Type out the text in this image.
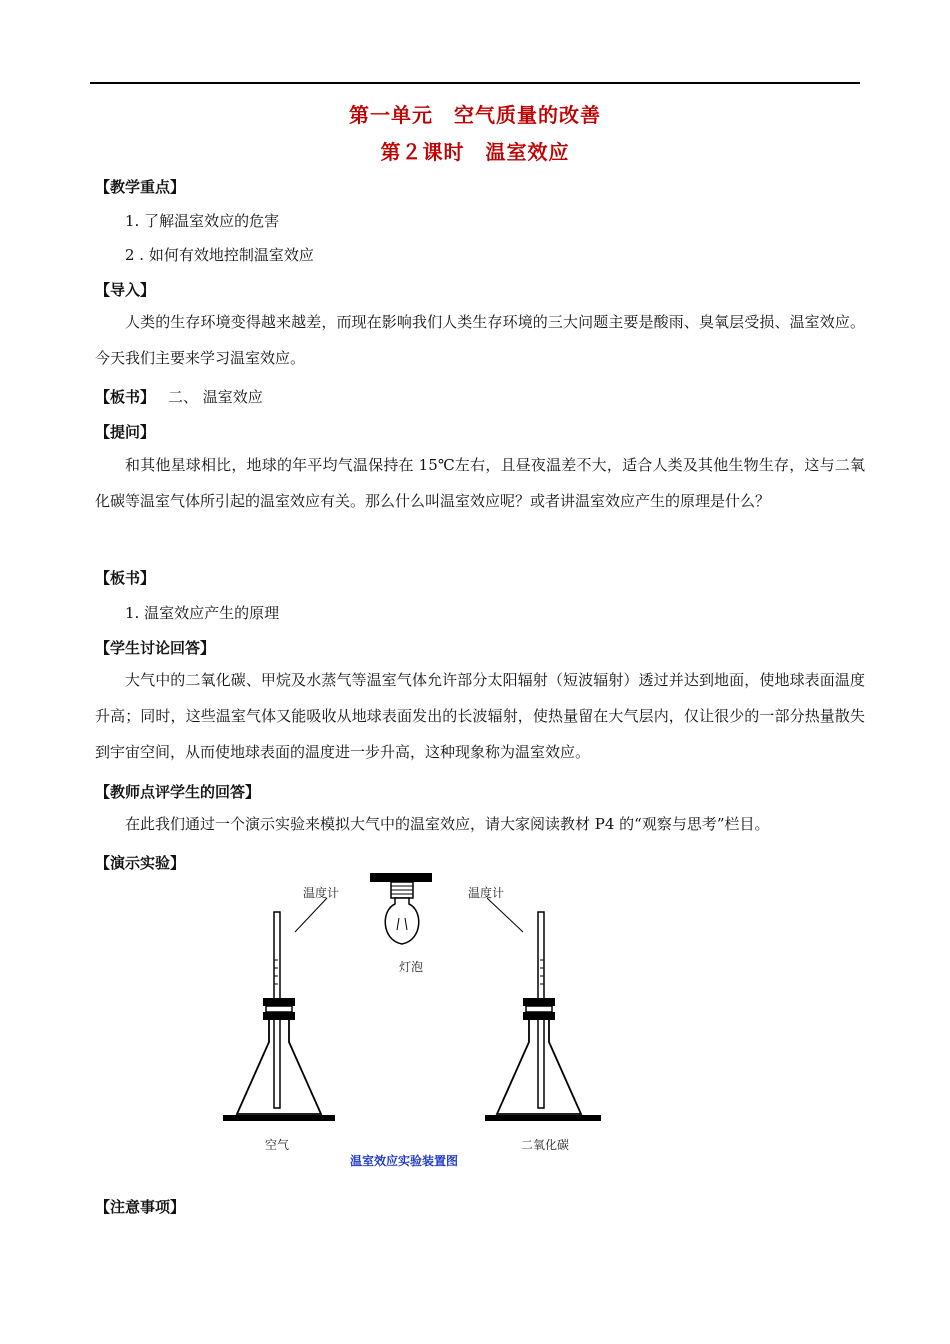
第一单元　空气质量的改善
第２课时　温室效应
【教学重点】
1. 了解温室效应的危害
2 . 如何有效地控制温室效应
【导入】
人类的生存环境变得越来越差，而现在影响我们人类生存环境的三大问题主要是酸雨、臭氧层受损、温室效应。今天我们主要来学习温室效应。
【板书】 二、 温室效应
【提问】
和其他星球相比，地球的年平均气温保持在 15℃左右，且昼夜温差不大，适合人类及其他生物生存，这与二氧化碳等温室气体所引起的温室效应有关。那么什么叫温室效应呢？或者讲温室效应产生的原理是什么？
【板书】
1. 温室效应产生的原理
【学生讨论回答】
大气中的二氧化碳、甲烷及水蒸气等温室气体允许部分太阳辐射（短波辐射）透过并达到地面，使地球表面温度升高；同时，这些温室气体又能吸收从地球表面发出的长波辐射，使热量留在大气层内，仅让很少的一部分热量散失到宇宙空间，从而使地球表面的温度进一步升高，这种现象称为温室效应。
【教师点评学生的回答】
在此我们通过一个演示实验来模拟大气中的温室效应，请大家阅读教材 P4 的“观察与思考”栏目。
【演示实验】
温度计	温度计
灯泡
空气	二氧化碳
温室效应实验装置图
【注意事项】
